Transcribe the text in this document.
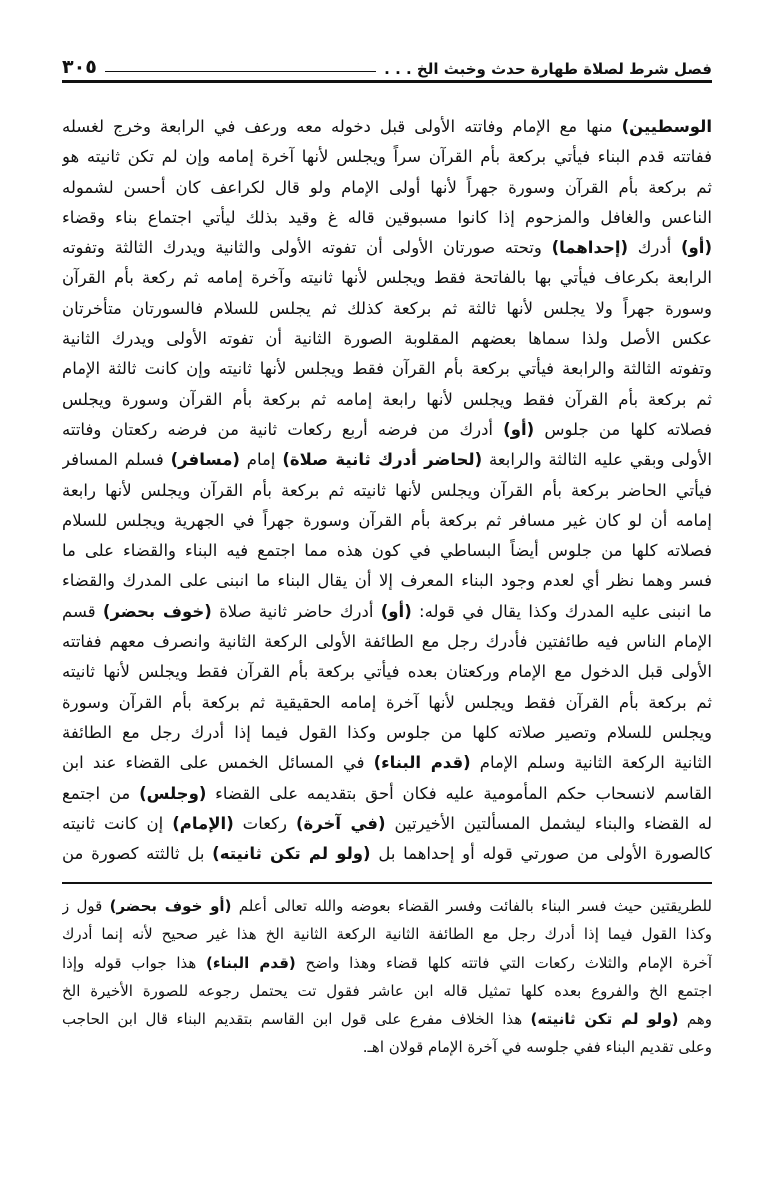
فصل شرط لصلاة طهارة حدث وخبث الخ . . .
٣٠٥
الوسطيين) منها مع الإمام وفاتته الأولى قبل دخوله معه ورعف في الرابعة وخرج لغسله
ففاتته قدم البناء فيأتي بركعة بأم القرآن سراً ويجلس لأنها آخرة إمامه وإن لم تكن ثانيته هو
ثم بركعة بأم القرآن وسورة جهراً لأنها أولى الإمام ولو قال لكراعف كان أحسن لشموله
الناعس والغافل والمزحوم إذا كانوا مسبوقين قاله غ وقيد بذلك ليأتي اجتماع بناء وقضاء
(أو) أدرك (إحداهما) وتحته صورتان الأولى أن تفوته الأولى والثانية ويدرك الثالثة وتفوته
الرابعة بكرعاف فيأتي بها بالفاتحة فقط ويجلس لأنها ثانيته وآخرة إمامه ثم ركعة بأم القرآن
وسورة جهراً ولا يجلس لأنها ثالثة ثم بركعة كذلك ثم يجلس للسلام فالسورتان متأخرتان
عكس الأصل ولذا سماها بعضهم المقلوبة الصورة الثانية أن تفوته الأولى ويدرك الثانية
وتفوته الثالثة والرابعة فيأتي بركعة بأم القرآن فقط ويجلس لأنها ثانيته وإن كانت ثالثة الإمام
ثم بركعة بأم القرآن فقط ويجلس لأنها رابعة إمامه ثم بركعة بأم القرآن وسورة ويجلس
فصلاته كلها من جلوس (أو) أدرك من فرضه أربع ركعات ثانية من فرضه ركعتان وفاتته
الأولى وبقي عليه الثالثة والرابعة (لحاضر أدرك ثانية صلاة) إمام (مسافر) فسلم المسافر
فيأتي الحاضر بركعة بأم القرآن ويجلس لأنها ثانيته ثم بركعة بأم القرآن ويجلس لأنها رابعة
إمامه أن لو كان غير مسافر ثم بركعة بأم القرآن وسورة جهراً في الجهرية ويجلس للسلام
فصلاته كلها من جلوس أيضاً البساطي في كون هذه مما اجتمع فيه البناء والقضاء على ما
فسر وهما نظر أي لعدم وجود البناء المعرف إلا أن يقال البناء ما انبنى على المدرك والقضاء
ما انبنى عليه المدرك وكذا يقال في قوله: (أو) أدرك حاضر ثانية صلاة (خوف بحضر) قسم
الإمام الناس فيه طائفتين فأدرك رجل مع الطائفة الأولى الركعة الثانية وانصرف معهم ففاتته
الأولى قبل الدخول مع الإمام وركعتان بعده فيأتي بركعة بأم القرآن فقط ويجلس لأنها ثانيته
ثم بركعة بأم القرآن فقط ويجلس لأنها آخرة إمامه الحقيقية ثم بركعة بأم القرآن وسورة
ويجلس للسلام وتصير صلاته كلها من جلوس وكذا القول فيما إذا أدرك رجل مع الطائفة
الثانية الركعة الثانية وسلم الإمام (قدم البناء) في المسائل الخمس على القضاء عند ابن
القاسم لانسحاب حكم المأمومية عليه فكان أحق بتقديمه على القضاء (وجلس) من اجتمع
له القضاء والبناء ليشمل المسألتين الأخيرتين (في آخرة) ركعات (الإمام) إن كانت ثانيته
كالصورة الأولى من صورتي قوله أو إحداهما بل (ولو لم تكن ثانيته) بل ثالثته كصورة من
للطريقتين حيث فسر البناء بالفائت وفسر القضاء بعوضه والله تعالى أعلم (أو خوف بحضر) قول ز
وكذا القول فيما إذا أدرك رجل مع الطائفة الثانية الركعة الثانية الخ هذا غير صحيح لأنه إنما أدرك
آخرة الإمام والثلاث ركعات التي فاتته كلها قضاء وهذا واضح (قدم البناء) هذا جواب قوله وإذا
اجتمع الخ والفروع بعده كلها تمثيل قاله ابن عاشر فقول تت يحتمل رجوعه للصورة الأخيرة الخ
وهم (ولو لم تكن ثانيته) هذا الخلاف مفرع على قول ابن القاسم بتقديم البناء قال ابن الحاجب
وعلى تقديم البناء ففي جلوسه في آخرة الإمام قولان اهـ.
